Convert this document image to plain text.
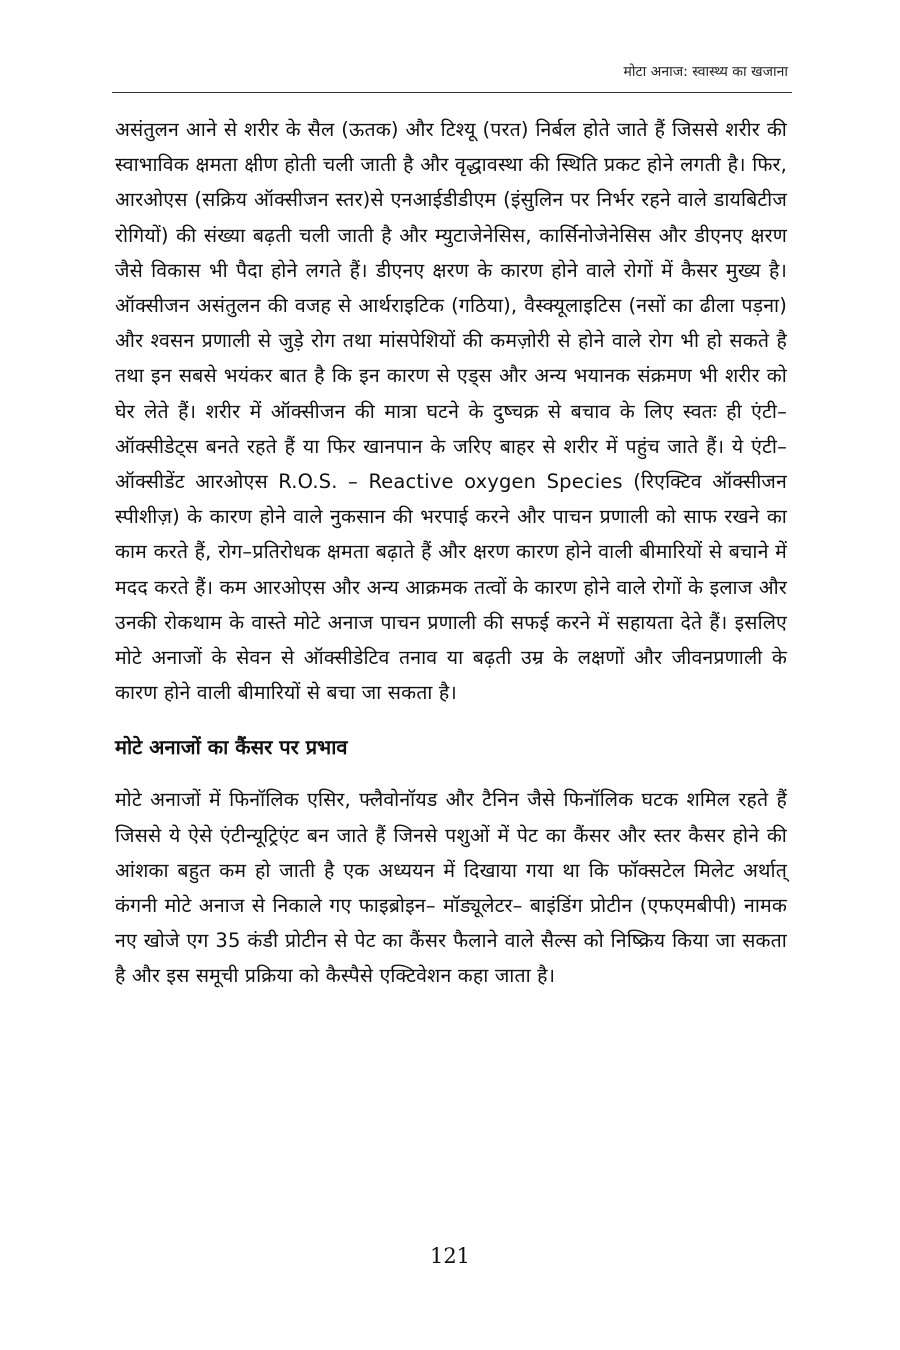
मोटा अनाज: स्वास्थ्य का खजाना

असंतुलन आने से शरीर के सैल (ऊतक) और टिश्यू (परत) निर्बल होते जाते हैं जिससे शरीर की स्वाभाविक क्षमता क्षीण होती चली जाती है और वृद्धावस्था की स्थिति प्रकट होने लगती है। फिर, आरओएस (सक्रिय ऑक्सीजन स्तर)से एनआईडीडीएम (इंसुलिन पर निर्भर रहने वाले डायबिटीज रोगियों) की संख्या बढ़ती चली जाती है और म्युटाजेनेसिस, कार्सिनोजेनेसिस और डीएनए क्षरण जैसे विकास भी पैदा होने लगते हैं। डीएनए क्षरण के कारण होने वाले रोगों में कैसर मुख्य है। ऑक्सीजन असंतुलन की वजह से आर्थराइटिक (गठिया), वैस्क्यूलाइटिस (नसों का ढीला पड़ना) और श्वसन प्रणाली से जुड़े रोग तथा मांसपेशियों की कमज़ोरी से होने वाले रोग भी हो सकते है तथा इन सबसे भयंकर बात है कि इन कारण से एड्स और अन्य भयानक संक्रमण भी शरीर को घेर लेते हैं। शरीर में ऑक्सीजन की मात्रा घटने के दुष्चक्र से बचाव के लिए स्वतः ही एंटी–ऑक्सीडेट्स बनते रहते हैं या फिर खानपान के जरिए बाहर से शरीर में पहुंच जाते हैं। ये एंटी–ऑक्सीडेंट आरओएस R.O.S. – Reactive oxygen Species (रिएक्टिव ऑक्सीजन स्पीशीज़) के कारण होने वाले नुकसान की भरपाई करने और पाचन प्रणाली को साफ रखने का काम करते हैं, रोग–प्रतिरोधक क्षमता बढ़ाते हैं और क्षरण कारण होने वाली बीमारियों से बचाने में मदद करते हैं। कम आरओएस और अन्य आक्रमक तत्वों के कारण होने वाले रोगों के इलाज और उनकी रोकथाम के वास्ते मोटे अनाज पाचन प्रणाली की सफई करने में सहायता देते हैं। इसलिए मोटे अनाजों के सेवन से ऑक्सीडेटिव तनाव या बढ़ती उम्र के लक्षणों और जीवनप्रणाली के कारण होने वाली बीमारियों से बचा जा सकता है।

मोटे अनाजों का कैंसर पर प्रभाव

मोटे अनाजों में फिनॉलिक एसिर, फ्लैवोनॉयड और टैनिन जैसे फिनॉलिक घटक शमिल रहते हैं जिससे ये ऐसे एंटीन्यूट्रिएंट बन जाते हैं जिनसे पशुओं में पेट का कैंसर और स्तर कैसर होने की आंशका बहुत कम हो जाती है एक अध्ययन में दिखाया गया था कि फॉक्सटेल मिलेट अर्थात् कंगनी मोटे अनाज से निकाले गए फाइब्रोइन– मॉड्यूलेटर– बाइंडिंग प्रोटीन (एफएमबीपी) नामक नए खोजे एग 35 कंडी प्रोटीन से पेट का कैंसर फैलाने वाले सैल्स को निष्क्रिय किया जा सकता है और इस समूची प्रक्रिया को कैस्पैसे एक्टिवेशन कहा जाता है।

121
